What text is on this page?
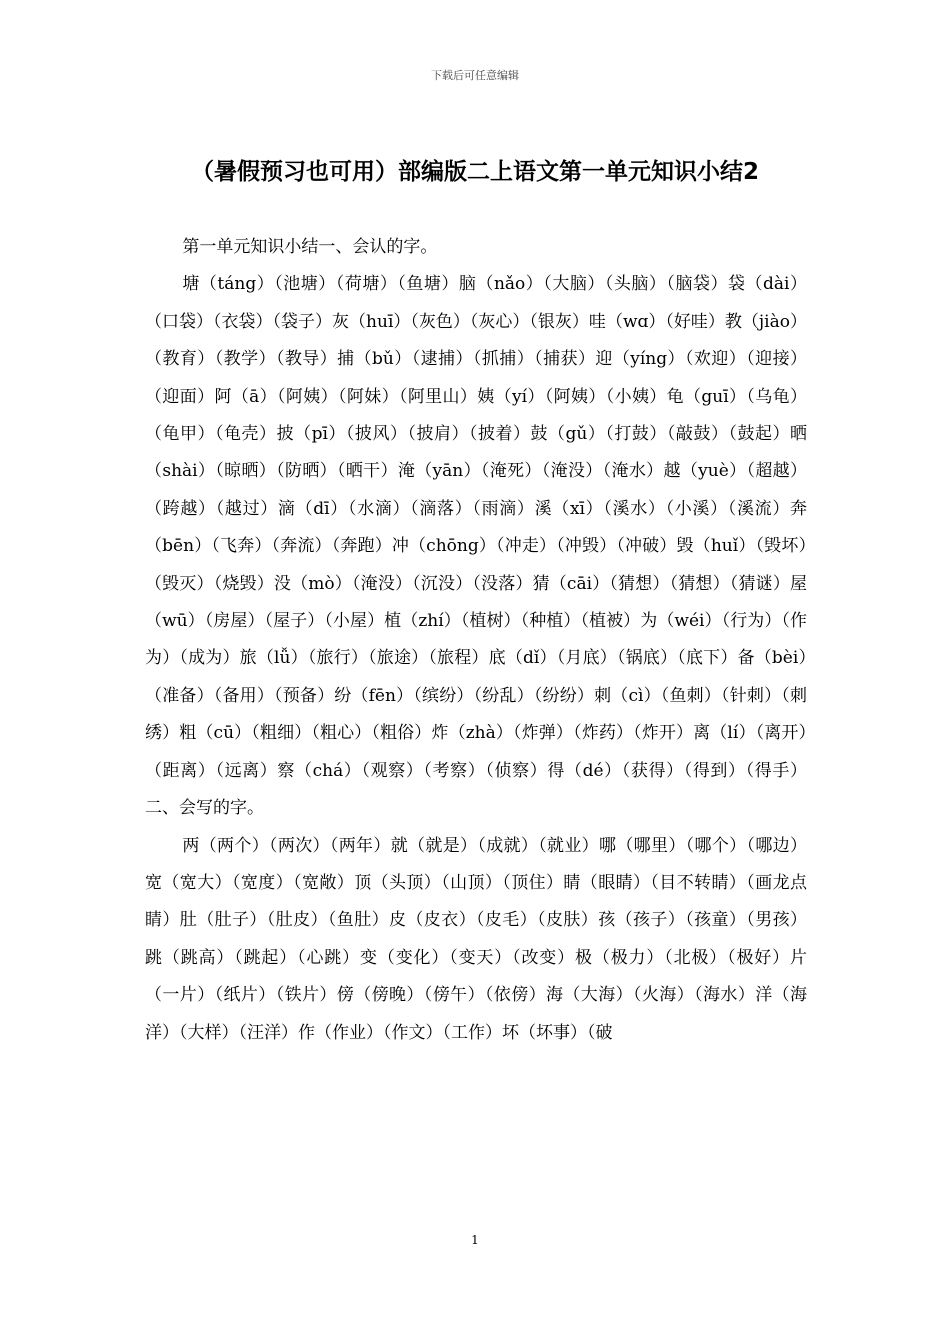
下载后可任意编辑
（暑假预习也可用）部编版二上语文第一单元知识小结2

第一单元知识小结一、会认的字。

塘（táng）（池塘）（荷塘）（鱼塘）脑（nǎo）（大脑）（头脑）（脑袋）袋（dài）（口袋）（衣袋）（袋子）灰（huī）（灰色）（灰心）（银灰）哇（wɑ）（好哇）教（jiào）（教育）（教学）（教导）捕（bǔ）（逮捕）（抓捕）（捕获）迎（yíng）（欢迎）（迎接）（迎面）阿（ā）（阿姨）（阿妹）（阿里山）姨（yí）（阿姨）（小姨）龟（guī）（乌龟）（龟甲）（龟壳）披（pī）（披风）（披肩）（披着）鼓（gǔ）（打鼓）（敲鼓）（鼓起）晒（shài）（晾晒）（防晒）（晒干）淹（yān）（淹死）（淹没）（淹水）越（yuè）（超越）（跨越）（越过）滴（dī）（水滴）（滴落）（雨滴）溪（xī）（溪水）（小溪）（溪流）奔（bēn）（飞奔）（奔流）（奔跑）冲（chōng）（冲走）（冲毁）（冲破）毁（huǐ）（毁坏）（毁灭）（烧毁）没（mò）（淹没）（沉没）（没落）猜（cāi）（猜想）（猜想）（猜谜）屋（wū）（房屋）（屋子）（小屋）植（zhí）（植树）（种植）（植被）为（wéi）（行为）（作为）（成为）旅（lǚ）（旅行）（旅途）（旅程）底（dǐ）（月底）（锅底）（底下）备（bèi）（准备）（备用）（预备）纷（fēn）（缤纷）（纷乱）（纷纷）刺（cì）（鱼刺）（针刺）（刺绣）粗（cū）（粗细）（粗心）（粗俗）炸（zhà）（炸弹）（炸药）（炸开）离（lí）（离开）（距离）（远离）察（chá）（观察）（考察）（侦察）得（dé）（获得）（得到）（得手）二、会写的字。

两（两个）（两次）（两年）就（就是）（成就）（就业）哪（哪里）（哪个）（哪边）宽（宽大）（宽度）（宽敞）顶（头顶）（山顶）（顶住）睛（眼睛）（目不转睛）（画龙点睛）肚（肚子）（肚皮）（鱼肚）皮（皮衣）（皮毛）（皮肤）孩（孩子）（孩童）（男孩）跳（跳高）（跳起）（心跳）变（变化）（变天）（改变）极（极力）（北极）（极好）片（一片）（纸片）（铁片）傍（傍晚）（傍午）（依傍）海（大海）（火海）（海水）洋（海洋）（大样）（汪洋）作（作业）（作文）（工作）坏（坏事）（破

1
